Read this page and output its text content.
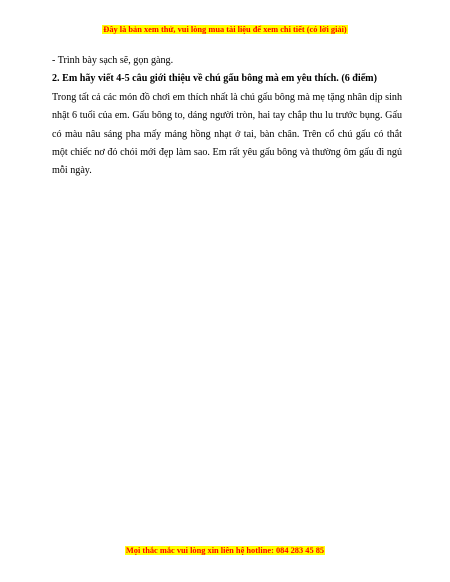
Đây là bản xem thử, vui lòng mua tài liệu để xem chi tiết (có lời giải)

- Trình bày sạch sẽ, gọn gàng.

2. Em hãy viết 4-5 câu giới thiệu về chú gấu bông mà em yêu thích. (6 điểm)

Trong tất cả các món đồ chơi em thích nhất là chú gấu bông mà mẹ tặng nhân dịp sinh nhật 6 tuổi của em. Gấu bông to, dáng người tròn, hai tay chắp thu lu trước bụng. Gấu có màu nâu sáng pha mấy mảng hồng nhạt ở tai, bàn chân. Trên cổ chú gấu có thắt một chiếc nơ đỏ chói mới đẹp làm sao. Em rất yêu gấu bông và thường ôm gấu đi ngủ mỗi ngày.

Mọi thắc mắc vui lòng xin liên hệ hotline: 084 283 45 85
